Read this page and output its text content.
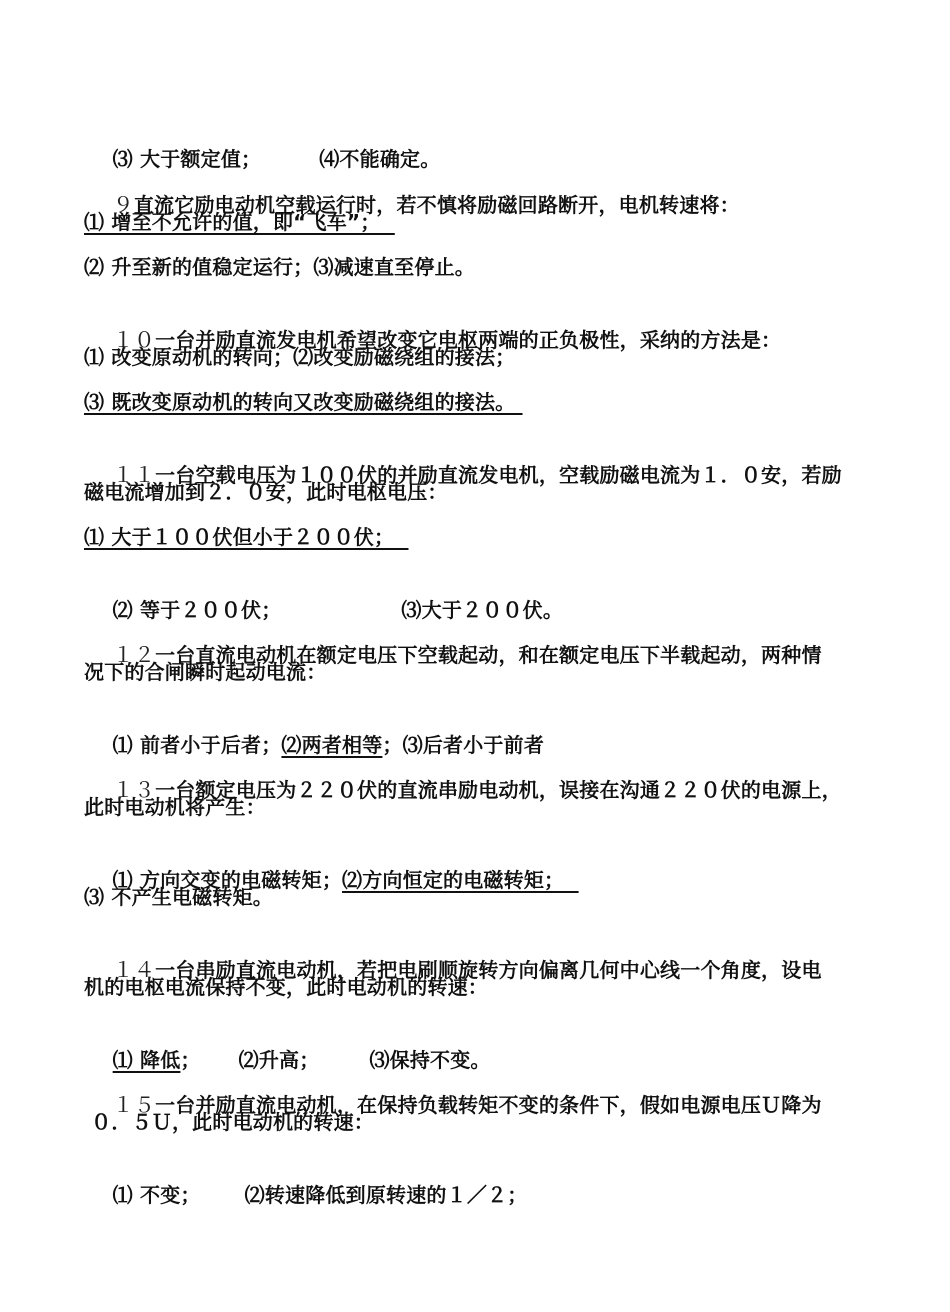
⑶ 大于额定值；	⑷不能确定。

９直流它励电动机空载运行时，若不慎将励磁回路断开，电机转速将：

⑴ 增至不允许的值，即“飞车”；
⑵ 升至新的值稳定运行；⑶减速直至停止。

１０一台并励直流发电机希望改变它电枢两端的正负极性，采纳的方法是：

⑴ 改变原动机的转向；⑵改变励磁绕组的接法；
⑶ 既改变原动机的转向又改变励磁绕组的接法。

１１一台空载电压为１００伏的并励直流发电机，空载励磁电流为１．０安，若励

磁电流增加到２．０安，此时电枢电压：
⑴ 大于１００伏但小于２００伏；

⑵ 等于２００伏；	⑶大于２００伏。

１２一台直流电动机在额定电压下空载起动，和在额定电压下半载起动，两种情

况下的合闸瞬时起动电流：

⑴ 前者小于后者；⑵两者相等；⑶后者小于前者

１３一台额定电压为２２０伏的直流串励电动机，误接在沟通２２０伏的电源上，

此时电动机将产生：

⑴ 方向交变的电磁转矩；⑵方向恒定的电磁转矩；

⑶ 不产生电磁转矩。

１４一台串励直流电动机，若把电刷顺旋转方向偏离几何中心线一个角度，设电

机的电枢电流保持不变，此时电动机的转速：

⑴ 降低； ⑵升高；	⑶保持不变。

１５一台并励直流电动机，在保持负载转矩不变的条件下，假如电源电压Ｕ降为

０．５Ｕ，此时电动机的转速：

⑴ 不变； ⑵转速降低到原转速的１／２；
